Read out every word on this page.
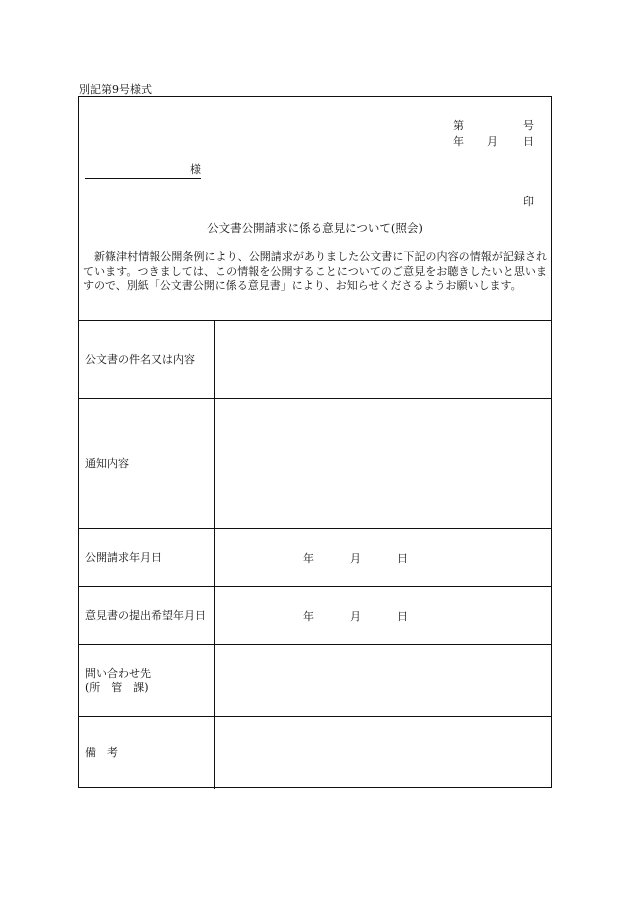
別記第9号様式
第	号
年 月 日
様
印
公文書公開請求に係る意見について(照会)
新篠津村情報公開条例により、公開請求がありました公文書に下記の内容の情報が記録されています。つきましては、この情報を公開することについてのご意見をお聴きしたいと思いますので、別紙「公文書公開に係る意見書」により、お知らせくださるようお願いします。
公文書の件名又は内容	
通知内容	
公開請求年月日	年 月 日

意見書の提出希望年月日	年 月 日

問い合わせ先
(所　管　課)	

備　考	
